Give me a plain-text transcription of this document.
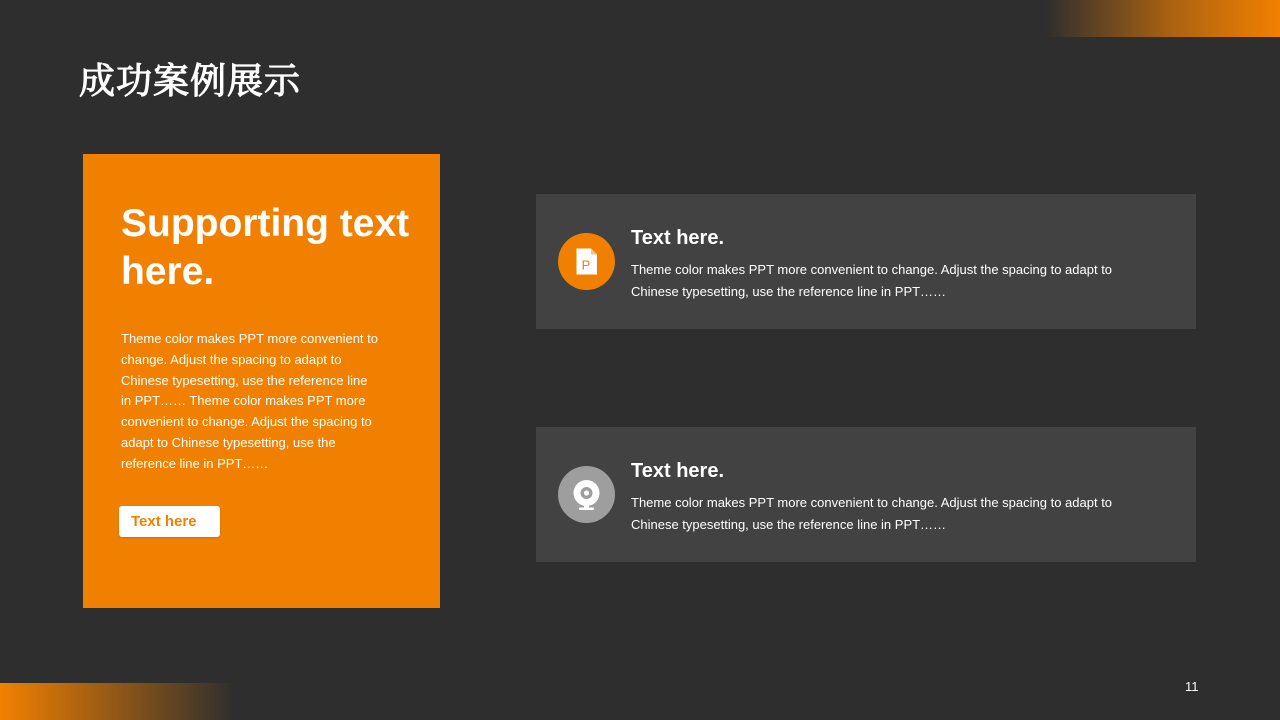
成功案例展示
Supporting text here.

Theme color makes PPT more convenient to change. Adjust the spacing to adapt to Chinese typesetting, use the reference line in PPT…… Theme color makes PPT more convenient to change. Adjust the spacing to adapt to Chinese typesetting, use the reference line in PPT……

Text here
P
Text here.

Theme color makes PPT more convenient to change. Adjust the spacing to adapt to Chinese typesetting, use the reference line in PPT……

Text here.

Theme color makes PPT more convenient to change. Adjust the spacing to adapt to Chinese typesetting, use the reference line in PPT……

11
